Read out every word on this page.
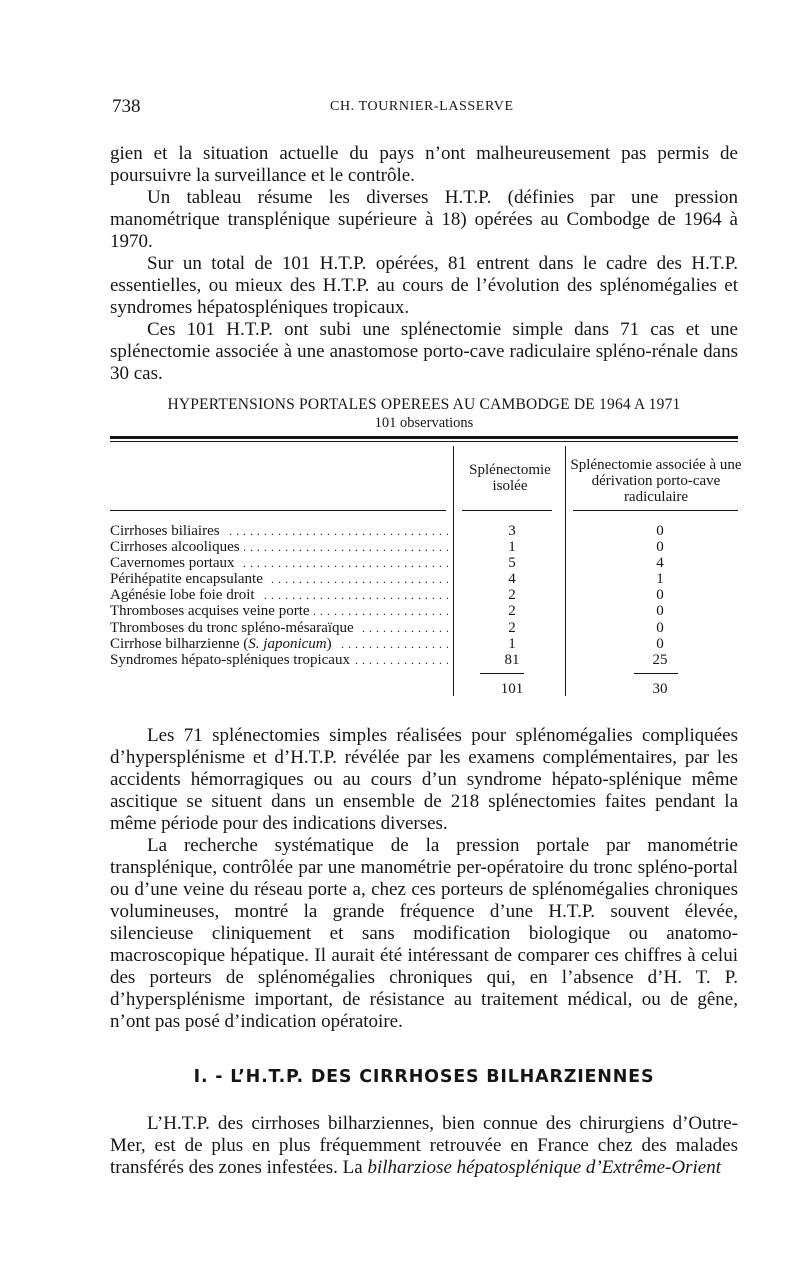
738	CH. TOURNIER-LASSERVE

gien et la situation actuelle du pays n’ont malheureusement pas permis de poursuivre la surveillance et le contrôle.

Un tableau résume les diverses H.T.P. (définies par une pression manométrique transplénique supérieure à 18) opérées au Combodge de 1964 à 1970.

Sur un total de 101 H.T.P. opérées, 81 entrent dans le cadre des H.T.P. essentielles, ou mieux des H.T.P. au cours de l’évolution des splénomégalies et syndromes hépatospléniques tropicaux.

Ces 101 H.T.P. ont subi une splénectomie simple dans 71 cas et une splénectomie associée à une anastomose porto-cave radiculaire spléno-rénale dans 30 cas.

HYPERTENSIONS PORTALES OPEREES AU CAMBODGE DE 1964 A 1971
101 observations
Splénectomie isolée
Splénectomie associée à une dérivation porto-cave radiculaire
Cirrhoses biliaires . . .	3	0
Cirrhoses alcooliques . . .	1	0
Cavernomes portaux . . .	5	4
Périhépatite encapsulante . . .	4	1
Agénésie lobe foie droit . . .	2	0
Thromboses acquises veine porte . . .	2	0
Thromboses du tronc spléno-mésaraïque . . .	2	0
Cirrhose bilharzienne (S. japonicum) . . .	1	0
Syndromes hépato-spléniques tropicaux . . .	81	25
101	30

Les 71 splénectomies simples réalisées pour splénomégalies compliquées d’hypersplénisme et d’H.T.P. révélée par les examens complémentaires, par les accidents hémorragiques ou au cours d’un syndrome hépato-splénique même ascitique se situent dans un ensemble de 218 splénectomies faites pendant la même période pour des indications diverses.

La recherche systématique de la pression portale par manométrie transplénique, contrôlée par une manométrie per-opératoire du tronc spléno-portal ou d’une veine du réseau porte a, chez ces porteurs de splénomégalies chroniques volumineuses, montré la grande fréquence d’une H.T.P. souvent élevée, silencieuse cliniquement et sans modification biologique ou anatomo-macroscopique hépatique. Il aurait été intéressant de comparer ces chiffres à celui des porteurs de splénomégalies chroniques qui, en l’absence d’H. T. P. d’hypersplénisme important, de résistance au traitement médical, ou de gêne, n’ont pas posé d’indication opératoire.

I. - L’H.T.P. DES CIRRHOSES BILHARZIENNES

L’H.T.P. des cirrhoses bilharziennes, bien connue des chirurgiens d’Outre-Mer, est de plus en plus fréquemment retrouvée en France chez des malades transférés des zones infestées. La bilharziose hépatosplénique d’Extrême-Orient
